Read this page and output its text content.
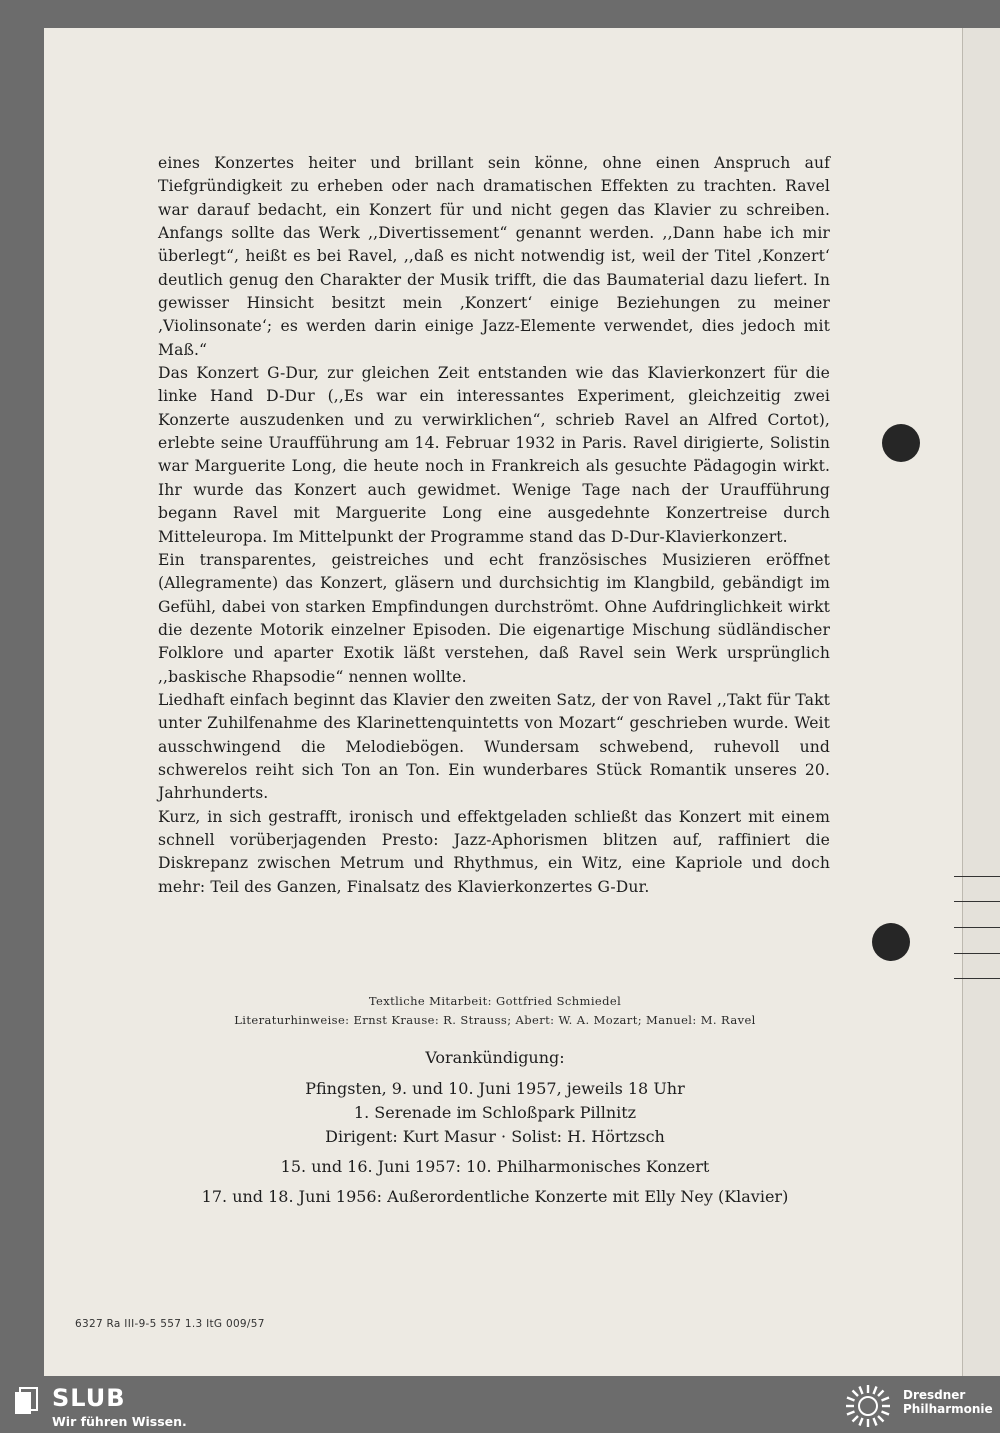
eines Konzertes heiter und brillant sein könne, ohne einen Anspruch auf Tiefgründigkeit zu erheben oder nach dramatischen Effekten zu trachten. Ravel war darauf bedacht, ein Konzert für und nicht gegen das Klavier zu schreiben. Anfangs sollte das Werk ,,Divertissement“ genannt werden. ,,Dann habe ich mir überlegt“, heißt es bei Ravel, ,,daß es nicht notwendig ist, weil der Titel ‚Konzert‘ deutlich genug den Charakter der Musik trifft, die das Baumaterial dazu liefert. In gewisser Hinsicht besitzt mein ‚Konzert‘ einige Beziehungen zu meiner ‚Violinsonate‘; es werden darin einige Jazz-Elemente verwendet, dies jedoch mit Maß.“

Das Konzert G-Dur, zur gleichen Zeit entstanden wie das Klavierkonzert für die linke Hand D-Dur (,,Es war ein interessantes Experiment, gleichzeitig zwei Konzerte auszudenken und zu verwirklichen“, schrieb Ravel an Alfred Cortot), erlebte seine Uraufführung am 14. Februar 1932 in Paris. Ravel dirigierte, Solistin war Marguerite Long, die heute noch in Frankreich als gesuchte Pädagogin wirkt. Ihr wurde das Konzert auch gewidmet. Wenige Tage nach der Uraufführung begann Ravel mit Marguerite Long eine ausgedehnte Konzertreise durch Mitteleuropa. Im Mittelpunkt der Programme stand das D-Dur-Klavierkonzert.

Ein transparentes, geistreiches und echt französisches Musizieren eröffnet (Allegramente) das Konzert, gläsern und durchsichtig im Klangbild, gebändigt im Gefühl, dabei von starken Empfindungen durchströmt. Ohne Aufdringlichkeit wirkt die dezente Motorik einzelner Episoden. Die eigenartige Mischung südländischer Folklore und aparter Exotik läßt verstehen, daß Ravel sein Werk ursprünglich ,,baskische Rhapsodie“ nennen wollte.

Liedhaft einfach beginnt das Klavier den zweiten Satz, der von Ravel ,,Takt für Takt unter Zuhilfenahme des Klarinettenquintetts von Mozart“ geschrieben wurde. Weit ausschwingend die Melodiebögen. Wundersam schwebend, ruhevoll und schwerelos reiht sich Ton an Ton. Ein wunderbares Stück Romantik unseres 20. Jahrhunderts.

Kurz, in sich gestrafft, ironisch und effektgeladen schließt das Konzert mit einem schnell vorüberjagenden Presto: Jazz-Aphorismen blitzen auf, raffiniert die Diskrepanz zwischen Metrum und Rhythmus, ein Witz, eine Kapriole und doch mehr: Teil des Ganzen, Finalsatz des Klavierkonzertes G-Dur.

Textliche Mitarbeit: Gottfried Schmiedel
Literaturhinweise: Ernst Krause: R. Strauss; Abert: W. A. Mozart; Manuel: M. Ravel
Vorankündigung:
Pfingsten, 9. und 10. Juni 1957, jeweils 18 Uhr
1. Serenade im Schloßpark Pillnitz
Dirigent: Kurt Masur · Solist: H. Hörtzsch
15. und 16. Juni 1957: 10. Philharmonisches Konzert
17. und 18. Juni 1956: Außerordentliche Konzerte mit Elly Ney (Klavier)
6327 Ra III-9-5 557 1.3 ItG 009/57
SLUB
Wir führen Wissen.
Dresdner
Philharmonie
